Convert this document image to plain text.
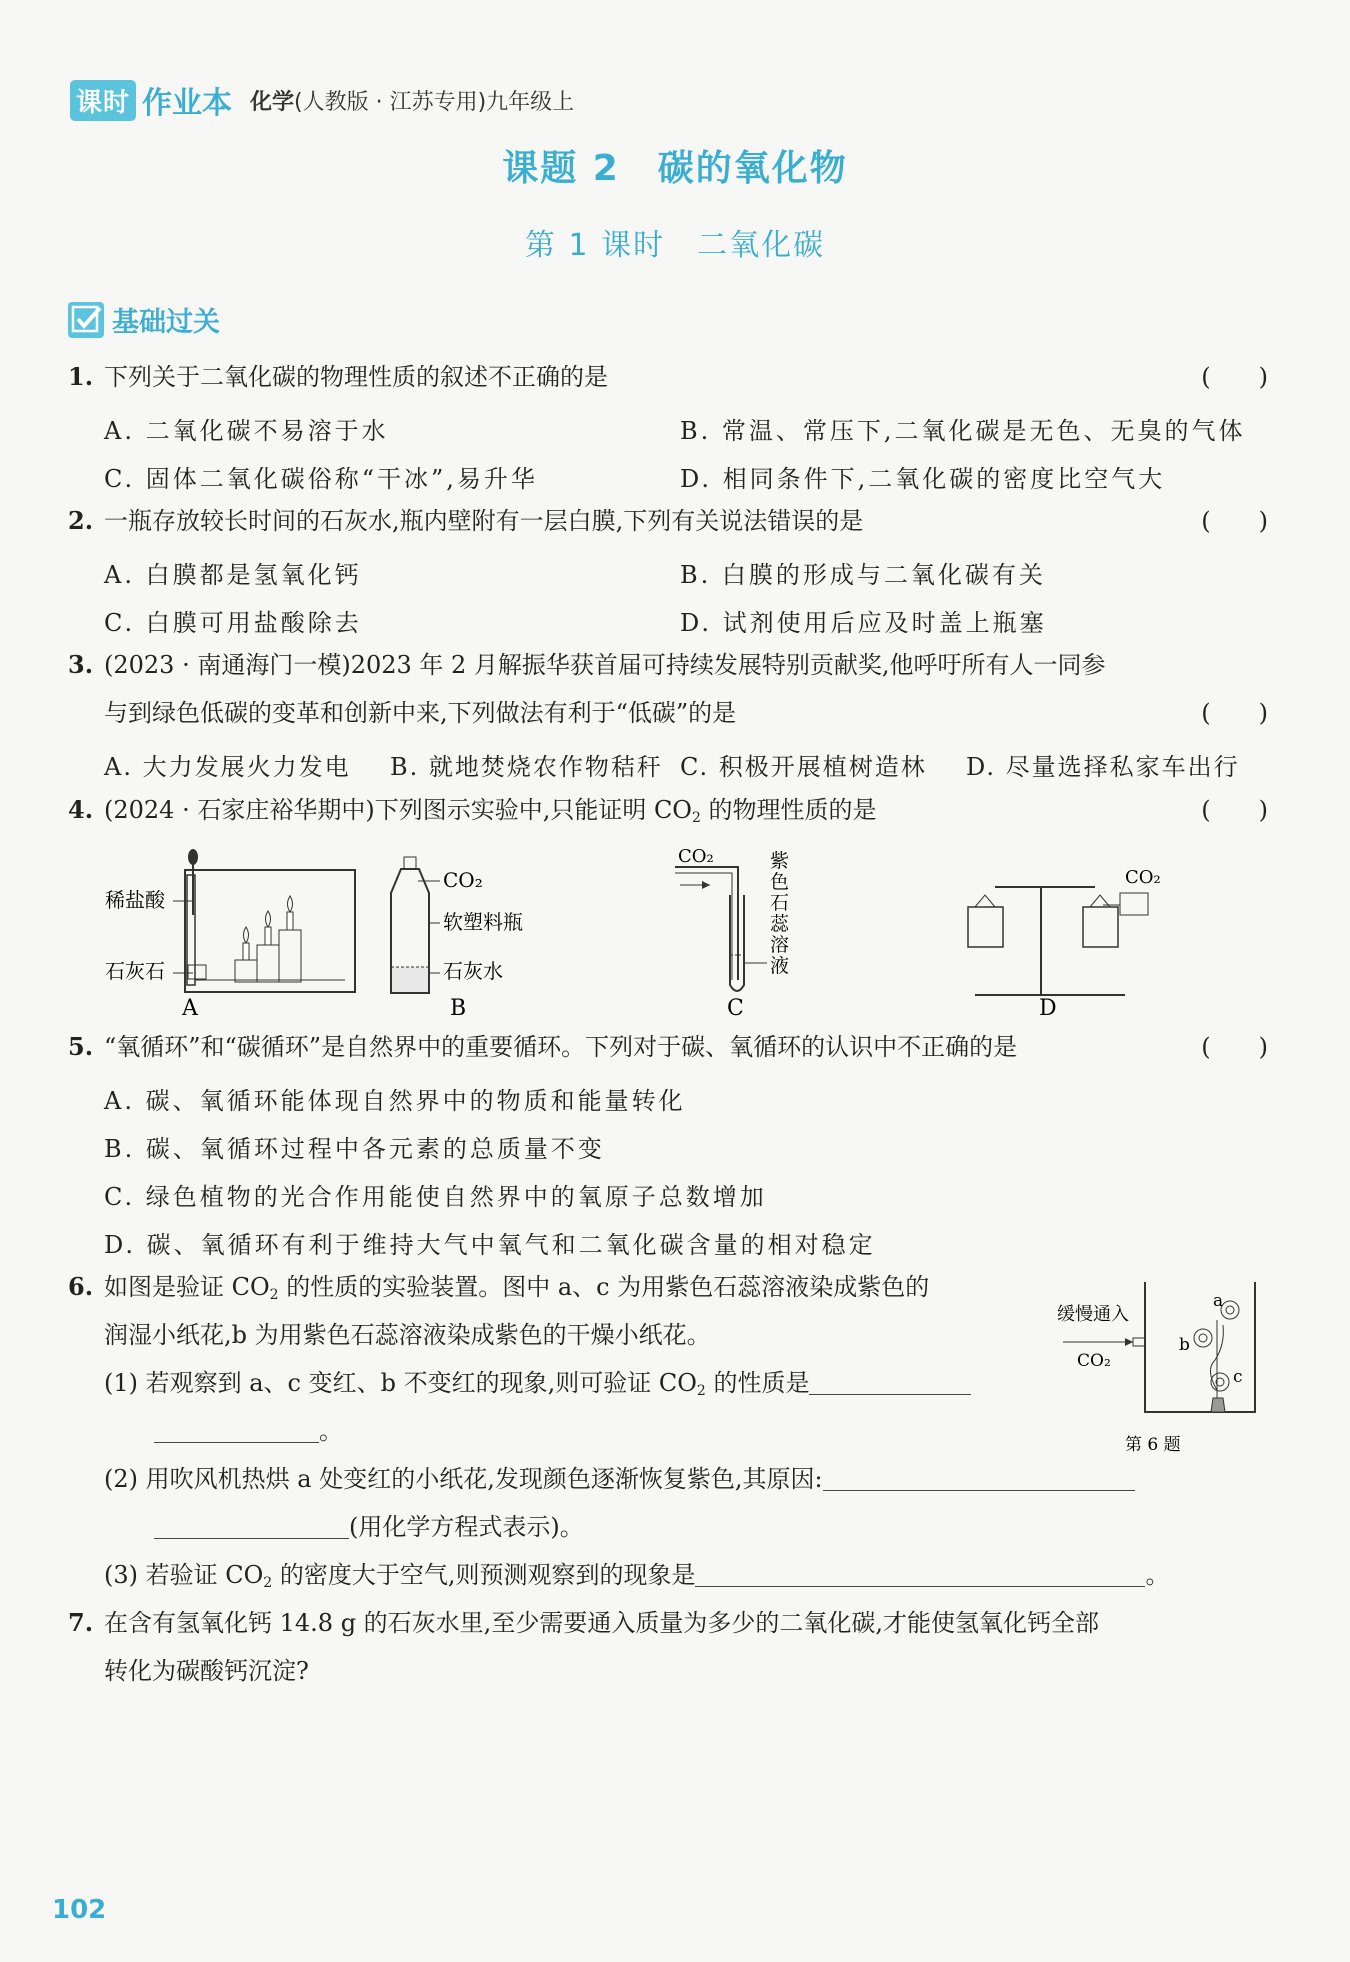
课时 作业本 化学(人教版 · 江苏专用)九年级上
课题 2　碳的氧化物
第 1 课时　二氧化碳
基础过关
1. 下列关于二氧化碳的物理性质的叙述不正确的是	(　　)
A. 二氧化碳不易溶于水	B. 常温、常压下,二氧化碳是无色、无臭的气体
C. 固体二氧化碳俗称“干冰”,易升华	D. 相同条件下,二氧化碳的密度比空气大
2. 一瓶存放较长时间的石灰水,瓶内壁附有一层白膜,下列有关说法错误的是	(　　)
A. 白膜都是氢氧化钙	B. 白膜的形成与二氧化碳有关
C. 白膜可用盐酸除去	D. 试剂使用后应及时盖上瓶塞
3. (2023 · 南通海门一模)2023 年 2 月解振华获首届可持续发展特别贡献奖,他呼吁所有人一同参
与到绿色低碳的变革和创新中来,下列做法有利于“低碳”的是	(　　)
A. 大力发展火力发电 B. 就地焚烧农作物秸秆 C. 积极开展植树造林 D. 尽量选择私家车出行
4. (2024 · 石家庄裕华期中)下列图示实验中,只能证明 $CO_2$ 的物理性质的是	(　　)
稀盐酸
石灰石
A
CO₂
软塑料瓶
石灰水
B
CO₂	紫
色
石
蕊
溶
液
C
CO₂
D
5. “氧循环”和“碳循环”是自然界中的重要循环。下列对于碳、氧循环的认识中不正确的是	(　　)
A. 碳、氧循环能体现自然界中的物质和能量转化
B. 碳、氧循环过程中各元素的总质量不变
C. 绿色植物的光合作用能使自然界中的氧原子总数增加
D. 碳、氧循环有利于维持大气中氧气和二氧化碳含量的相对稳定
6. 如图是验证 $CO_2$ 的性质的实验装置。图中 a、c 为用紫色石蕊溶液染成紫色的
润湿小纸花,b 为用紫色石蕊溶液染成紫色的干燥小纸花。
(1) 若观察到 a、c 变红、b 不变红的现象,则可验证 $CO_2$ 的性质是
。
(2) 用吹风机热烘 a 处变红的小纸花,发现颜色逐渐恢复紫色,其原因:
(用化学方程式表示)。
(3) 若验证 $CO_2$ 的密度大于空气,则预测观察到的现象是	。
缓慢通入
CO₂
a
b
c
第 6 题
7. 在含有氢氧化钙 14.8 g 的石灰水里,至少需要通入质量为多少的二氧化碳,才能使氢氧化钙全部
转化为碳酸钙沉淀?
102
